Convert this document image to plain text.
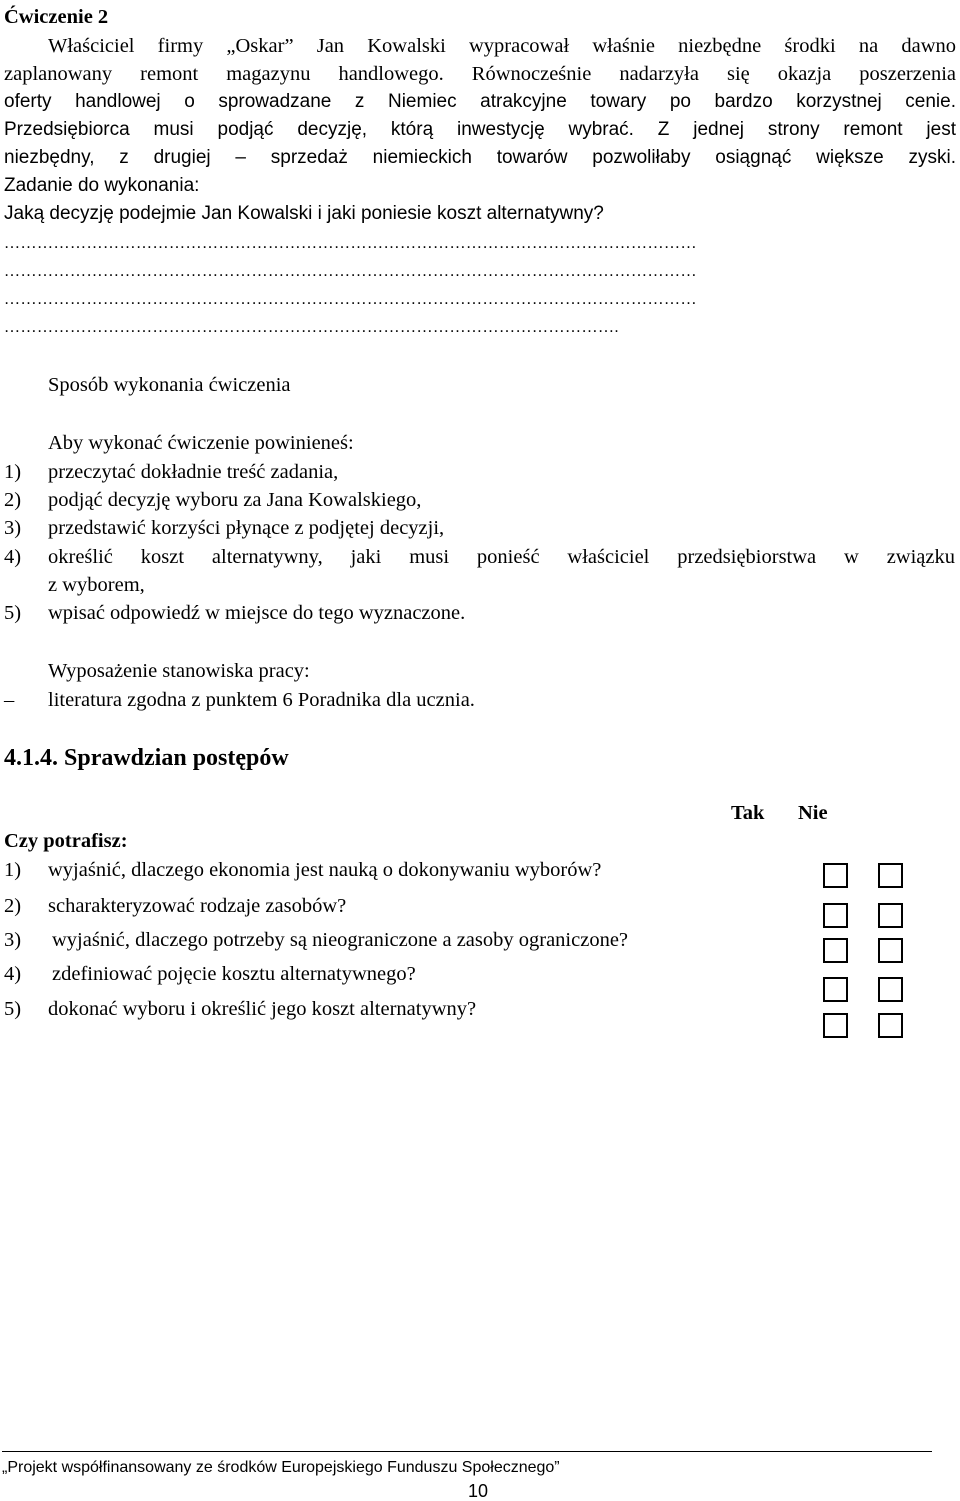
Ćwiczenie 2
Właściciel firmy „Oskar” Jan Kowalski wypracował właśnie niezbędne środki na dawno
zaplanowany remont magazynu handlowego. Równocześnie nadarzyła się okazja poszerzenia
oferty handlowej o sprowadzane z Niemiec atrakcyjne towary po bardzo korzystnej cenie.
Przedsiębiorca musi podjąć decyzję, którą inwestycję wybrać. Z jednej strony remont jest
niezbędny, z drugiej – sprzedaż niemieckich towarów pozwoliłaby osiągnąć większe zyski.
Zadanie do wykonania:
Jaką decyzję podejmie Jan Kowalski i jaki poniesie koszt alternatywny?
………………………………………………………………………………………………………………
………………………………………………………………………………………………………………
………………………………………………………………………………………………………………
………………………………………………………………………………………………….
Sposób wykonania ćwiczenia
Aby wykonać ćwiczenie powinieneś:
1) przeczytać dokładnie treść zadania,
2) podjąć decyzję wyboru za Jana Kowalskiego,
3) przedstawić korzyści płynące z podjętej decyzji,
4) określić koszt alternatywny, jaki musi ponieść właściciel przedsiębiorstwa w związku
z wyborem,
5) wpisać odpowiedź w miejsce do tego wyznaczone.
Wyposażenie stanowiska pracy:
– literatura zgodna z punktem 6 Poradnika dla ucznia.
4.1.4. Sprawdzian postępów
Tak Nie
Czy potrafisz:
1) wyjaśnić, dlaczego ekonomia jest nauką o dokonywaniu wyborów?
2) scharakteryzować rodzaje zasobów?
3) wyjaśnić, dlaczego potrzeby są nieograniczone a zasoby ograniczone?
4) zdefiniować pojęcie kosztu alternatywnego?
5) dokonać wyboru i określić jego koszt alternatywny?
„Projekt współfinansowany ze środków Europejskiego Funduszu Społecznego”
10
